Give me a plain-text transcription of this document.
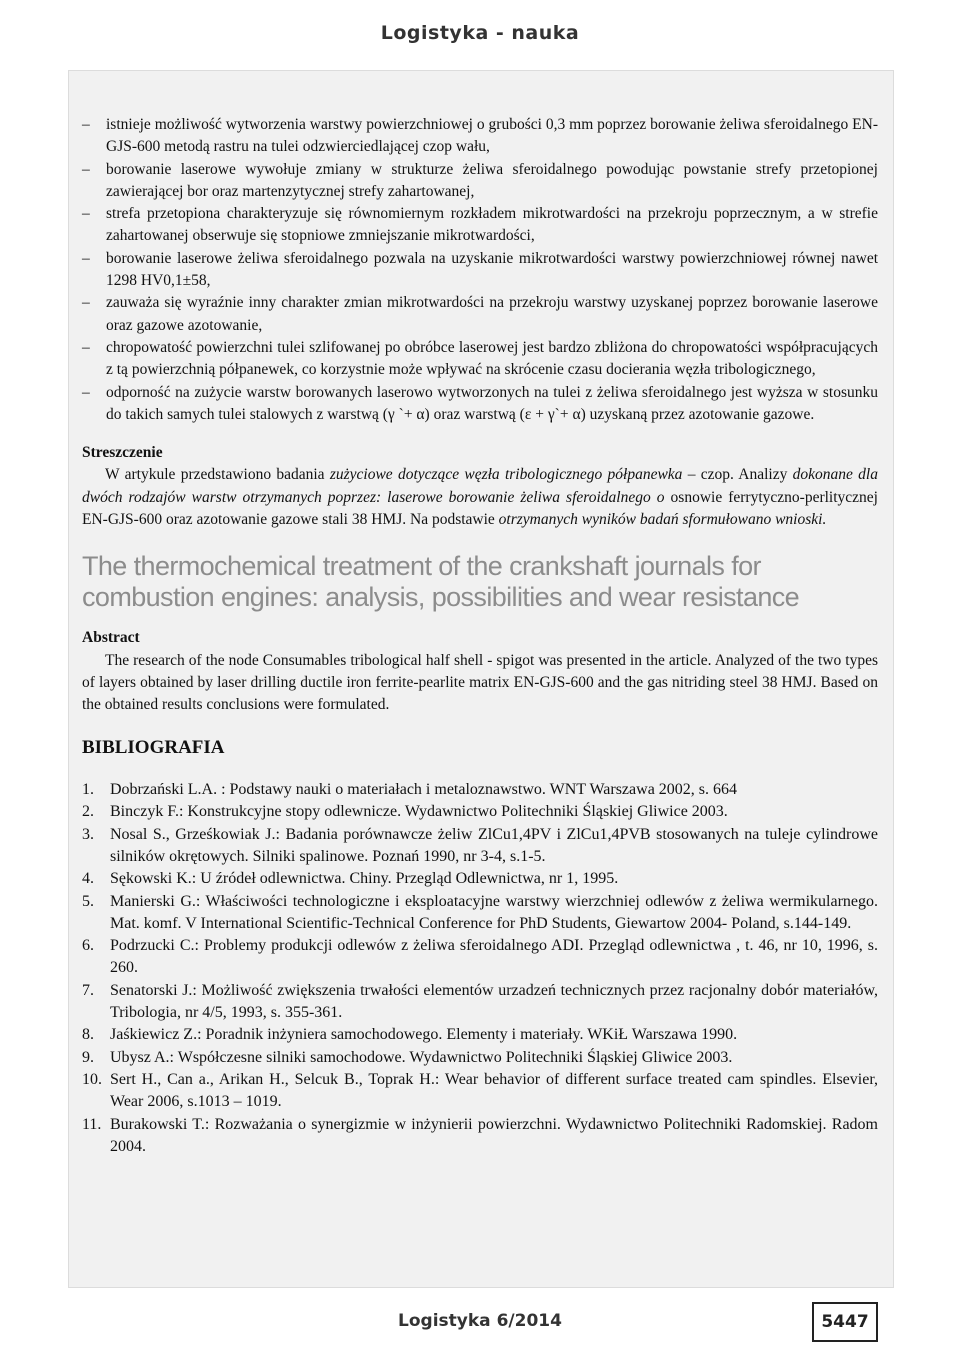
Logistyka - nauka
– istnieje możliwość wytworzenia warstwy powierzchniowej o grubości 0,3 mm poprzez borowanie żeliwa sferoidalnego EN-GJS-600 metodą rastru na tulei odzwierciedlającej czop wału,
– borowanie laserowe wywołuje zmiany w strukturze żeliwa sferoidalnego powodując powstanie strefy przetopionej zawierającej bor oraz martenzytycznej strefy zahartowanej,
– strefa przetopiona charakteryzuje się równomiernym rozkładem mikrotwardości na przekroju poprzecznym, a w strefie zahartowanej obserwuje się stopniowe zmniejszanie mikrotwardości,
– borowanie laserowe żeliwa sferoidalnego pozwala na uzyskanie mikrotwardości warstwy powierzchniowej równej nawet 1298 HV0,1±58,
– zauważa się wyraźnie inny charakter zmian mikrotwardości na przekroju warstwy uzyskanej poprzez borowanie laserowe oraz gazowe azotowanie,
– chropowatość powierzchni tulei szlifowanej po obróbce laserowej jest bardzo zbliżona do chropowatości współpracujących z tą powierzchnią półpanewek, co korzystnie może wpływać na skrócenie czasu docierania węzła tribologicznego,
– odporność na zużycie warstw borowanych laserowo wytworzonych na tulei z żeliwa sferoidalnego jest wyższa w stosunku do takich samych tulei stalowych z warstwą (γ `+ α) oraz warstwą (ε + γ`+ α) uzyskaną przez azotowanie gazowe.
Streszczenie

W artykule przedstawiono badania zużyciowe dotyczące węzła tribologicznego półpanewka – czop. Analizy dokonane dla dwóch rodzajów warstw otrzymanych poprzez: laserowe borowanie żeliwa sferoidalnego o osnowie ferrytyczno-perlitycznej EN-GJS-600 oraz azotowanie gazowe stali 38 HMJ. Na podstawie otrzymanych wyników badań sformułowano wnioski.

The thermochemical treatment of the crankshaft journals for combustion engines: analysis, possibilities and wear resistance
Abstract

The research of the node Consumables tribological half shell - spigot was presented in the article. Analyzed of the two types of layers obtained by laser drilling ductile iron ferrite-pearlite matrix EN-GJS-600 and the gas nitriding steel 38 HMJ. Based on the obtained results conclusions were formulated.

BIBLIOGRAFIA
1. Dobrzański L.A. : Podstawy nauki o materiałach i metaloznawstwo. WNT Warszawa 2002, s. 664
2. Binczyk F.: Konstrukcyjne stopy odlewnicze. Wydawnictwo Politechniki Śląskiej Gliwice 2003.
3. Nosal S., Grześkowiak J.: Badania porównawcze żeliw ZlCu1,4PV i ZlCu1,4PVB stosowanych na tuleje cylindrowe silników okrętowych. Silniki spalinowe. Poznań 1990, nr 3-4, s.1-5.
4. Sękowski K.: U źródeł odlewnictwa. Chiny. Przegląd Odlewnictwa, nr 1, 1995.
5. Manierski G.: Właściwości technologiczne i eksploatacyjne warstwy wierzchniej odlewów z żeliwa wermikularnego. Mat. komf. V International Scientific-Technical Conference for PhD Students, Giewartow 2004- Poland, s.144-149.
6. Podrzucki C.: Problemy produkcji odlewów z żeliwa sferoidalnego ADI. Przegląd odlewnictwa , t. 46, nr 10, 1996, s. 260.
7. Senatorski J.: Możliwość zwiększenia trwałości elementów urzadzeń technicznych przez racjonalny dobór materiałów, Tribologia, nr 4/5, 1993, s. 355-361.
8. Jaśkiewicz Z.: Poradnik inżyniera samochodowego. Elementy i materiały. WKiŁ Warszawa 1990.
9. Ubysz A.: Współczesne silniki samochodowe. Wydawnictwo Politechniki Śląskiej Gliwice 2003.
10. Sert H., Can a., Arikan H., Selcuk B., Toprak H.: Wear behavior of different surface treated cam spindles. Elsevier, Wear 2006, s.1013 – 1019.
11. Burakowski T.: Rozważania o synergizmie w inżynierii powierzchni. Wydawnictwo Politechniki Radomskiej. Radom 2004.
Logistyka 6/2014	5447
